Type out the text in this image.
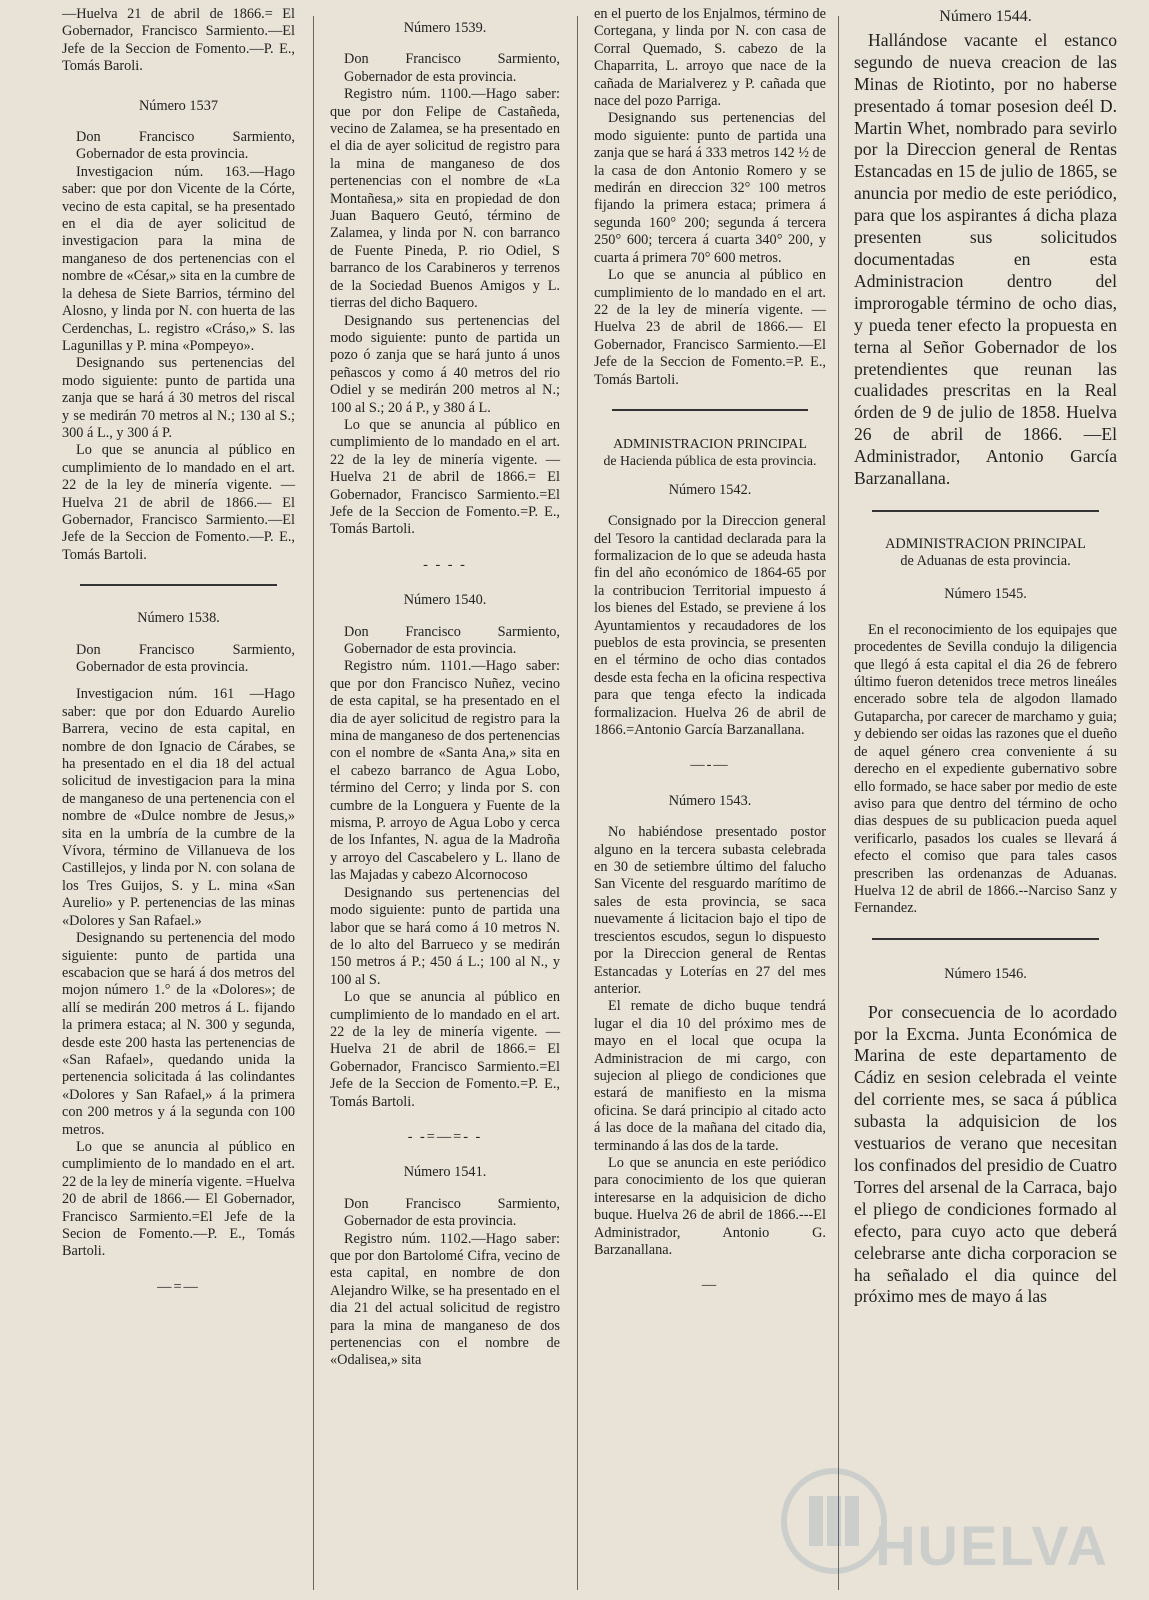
—Huelva 21 de abril de 1866.= El Gobernador, Francisco Sarmiento.—El Jefe de la Seccion de Fomento.—P. E., Tomás Baroli.

Número 1537

Don Francisco Sarmiento, Gobernador de esta provincia.

Investigacion núm. 163.—Hago saber: que por don Vicente de la Córte, vecino de esta capital, se ha presentado en el dia de ayer solicitud de investigacion para la mina de manganeso de dos pertenencias con el nombre de «César,» sita en la cumbre de la dehesa de Siete Barrios, término del Alosno, y linda por N. con huerta de las Cerdenchas, L. registro «Cráso,» S. las Lagunillas y P. mina «Pompeyo».

Designando sus pertenencias del modo siguiente: punto de partida una zanja que se hará á 30 metros del riscal y se medirán 70 metros al N.; 130 al S.; 300 á L., y 300 á P.

Lo que se anuncia al público en cumplimiento de lo mandado en el art. 22 de la ley de minería vigente. —Huelva 21 de abril de 1866.— El Gobernador, Francisco Sarmiento.—El Jefe de la Seccion de Fomento.—P. E., Tomás Bartoli.

Número 1538.

Don Francisco Sarmiento, Gobernador de esta provincia.

Investigacion núm. 161 —Hago saber: que por don Eduardo Aurelio Barrera, vecino de esta capital, en nombre de don Ignacio de Cárabes, se ha presentado en el dia 18 del actual solicitud de investigacion para la mina de manganeso de una pertenencia con el nombre de «Dulce nombre de Jesus,» sita en la umbría de la cumbre de la Vívora, término de Villanueva de los Castillejos, y linda por N. con solana de los Tres Guijos, S. y L. mina «San Aurelio» y P. pertenencias de las minas «Dolores y San Rafael.»

Designando su pertenencia del modo siguiente: punto de partida una escabacion que se hará á dos metros del mojon número 1.° de la «Dolores»; de allí se medirán 200 metros á L. fijando la primera estaca; al N. 300 y segunda, desde este 200 hasta las pertenencias de «San Rafael», quedando unida la pertenencia solicitada á las colindantes «Dolores y San Rafael,» á la primera con 200 metros y á la segunda con 100 metros.

Lo que se anuncia al público en cumplimiento de lo mandado en el art. 22 de la ley de minería vigente. =Huelva 20 de abril de 1866.— El Gobernador, Francisco Sarmiento.=El Jefe de la Secion de Fomento.—P. E., Tomás Bartoli.

—=—

Número 1539.

Don Francisco Sarmiento, Gobernador de esta provincia.

Registro núm. 1100.—Hago saber: que por don Felipe de Castañeda, vecino de Zalamea, se ha presentado en el dia de ayer solicitud de registro para la mina de manganeso de dos pertenencias con el nombre de «La Montañesa,» sita en propiedad de don Juan Baquero Geutó, término de Zalamea, y linda por N. con barranco de Fuente Pineda, P. rio Odiel, S barranco de los Carabineros y terrenos de la Sociedad Buenos Amigos y L. tierras del dicho Baquero.

Designando sus pertenencias del modo siguiente: punto de partida un pozo ó zanja que se hará junto á unos peñascos y como á 40 metros del rio Odiel y se medirán 200 metros al N.; 100 al S.; 20 á P., y 380 á L.

Lo que se anuncia al público en cumplimiento de lo mandado en el art. 22 de la ley de minería vigente. —Huelva 21 de abril de 1866.= El Gobernador, Francisco Sarmiento.=El Jefe de la Seccion de Fomento.=P. E., Tomás Bartoli.

- - - -

Número 1540.

Don Francisco Sarmiento, Gobernador de esta provincia.

Registro núm. 1101.—Hago saber: que por don Francisco Nuñez, vecino de esta capital, se ha presentado en el dia de ayer solicitud de registro para la mina de manganeso de dos pertenencias con el nombre de «Santa Ana,» sita en el cabezo barranco de Agua Lobo, término del Cerro; y linda por S. con cumbre de la Longuera y Fuente de la misma, P. arroyo de Agua Lobo y cerca de los Infantes, N. agua de la Madroña y arroyo del Cascabelero y L. llano de las Majadas y cabezo Alcornocoso

Designando sus pertenencias del modo siguiente: punto de partida una labor que se hará como á 10 metros N. de lo alto del Barrueco y se medirán 150 metros á P.; 450 á L.; 100 al N., y 100 al S.

Lo que se anuncia al público en cumplimiento de lo mandado en el art. 22 de la ley de minería vigente. —Huelva 21 de abril de 1866.= El Gobernador, Francisco Sarmiento.=El Jefe de la Seccion de Fomento.=P. E., Tomás Bartoli.

- -=—=- -

Número 1541.

Don Francisco Sarmiento, Gobernador de esta provincia.

Registro núm. 1102.—Hago saber: que por don Bartolomé Cifra, vecino de esta capital, en nombre de don Alejandro Wilke, se ha presentado en el dia 21 del actual solicitud de registro para la mina de manganeso de dos pertenencias con el nombre de «Odalisea,» sita

en el puerto de los Enjalmos, término de Cortegana, y linda por N. con casa de Corral Quemado, S. cabezo de la Chaparrita, L. arroyo que nace de la cañada de Marialverez y P. cañada que nace del pozo Parriga.

Designando sus pertenencias del modo siguiente: punto de partida una zanja que se hará á 333 metros 142 ½ de la casa de don Antonio Romero y se medirán en direccion 32° 100 metros fijando la primera estaca; primera á segunda 160° 200; segunda á tercera 250° 600; tercera á cuarta 340° 200, y cuarta á primera 70° 600 metros.

Lo que se anuncia al público en cumplimiento de lo mandado en el art. 22 de la ley de minería vigente. —Huelva 23 de abril de 1866.— El Gobernador, Francisco Sarmiento.—El Jefe de la Seccion de Fomento.=P. E., Tomás Bartoli.

ADMINISTRACION PRINCIPAL

de Hacienda pública de esta provincia.

Número 1542.

Consignado por la Direccion general del Tesoro la cantidad declarada para la formalizacion de lo que se adeuda hasta fin del año económico de 1864-65 por la contribucion Territorial impuesto á los bienes del Estado, se previene á los Ayuntamientos y recaudadores de los pueblos de esta provincia, se presenten en el término de ocho dias contados desde esta fecha en la oficina respectiva para que tenga efecto la indicada formalizacion. Huelva 26 de abril de 1866.=Antonio García Barzanallana.

—-—

Número 1543.

No habiéndose presentado postor alguno en la tercera subasta celebrada en 30 de setiembre último del falucho San Vicente del resguardo marítimo de sales de esta provincia, se saca nuevamente á licitacion bajo el tipo de trescientos escudos, segun lo dispuesto por la Direccion general de Rentas Estancadas y Loterías en 27 del mes anterior.

El remate de dicho buque tendrá lugar el dia 10 del próximo mes de mayo en el local que ocupa la Administracion de mi cargo, con sujecion al pliego de condiciones que estará de manifiesto en la misma oficina. Se dará principio al citado acto á las doce de la mañana del citado dia, terminando á las dos de la tarde.

Lo que se anuncia en este periódico para conocimiento de los que quieran interesarse en la adquisicion de dicho buque. Huelva 26 de abril de 1866.---El Administrador, Antonio G. Barzanallana.

—

Número 1544.

Hallándose vacante el estanco segundo de nueva creacion de las Minas de Riotinto, por no haberse presentado á tomar posesion deél D. Martin Whet, nombrado para sevirlo por la Direccion general de Rentas Estancadas en 15 de julio de 1865, se anuncia por medio de este periódico, para que los aspirantes á dicha plaza presenten sus solicitudos documentadas en esta Administracion dentro del improrogable término de ocho dias, y pueda tener efecto la propuesta en terna al Señor Gobernador de los pretendientes que reunan las cualidades prescritas en la Real órden de 9 de julio de 1858. Huelva 26 de abril de 1866. —El Administrador, Antonio García Barzanallana.

ADMINISTRACION PRINCIPAL

de Aduanas de esta provincia.

Número 1545.

En el reconocimiento de los equipajes que procedentes de Sevilla condujo la diligencia que llegó á esta capital el dia 26 de febrero último fueron detenidos trece metros lineáles encerado sobre tela de algodon llamado Gutaparcha, por carecer de marchamo y guia; y debiendo ser oidas las razones que el dueño de aquel género crea conveniente á su derecho en el expediente gubernativo sobre ello formado, se hace saber por medio de este aviso para que dentro del término de ocho dias despues de su publicacion pueda aquel verificarlo, pasados los cuales se llevará á efecto el comiso que para tales casos prescriben las ordenanzas de Aduanas. Huelva 12 de abril de 1866.--Narciso Sanz y Fernandez.

Número 1546.

Por consecuencia de lo acordado por la Excma. Junta Económica de Marina de este departamento de Cádiz en sesion celebrada el veinte del corriente mes, se saca á pública subasta la adquisicion de los vestuarios de verano que necesitan los confinados del presidio de Cuatro Torres del arsenal de la Carraca, bajo el pliego de condiciones formado al efecto, para cuyo acto que deberá celebrarse ante dicha corporacion se ha señalado el dia quince del próximo mes de mayo á las

HUELVA
